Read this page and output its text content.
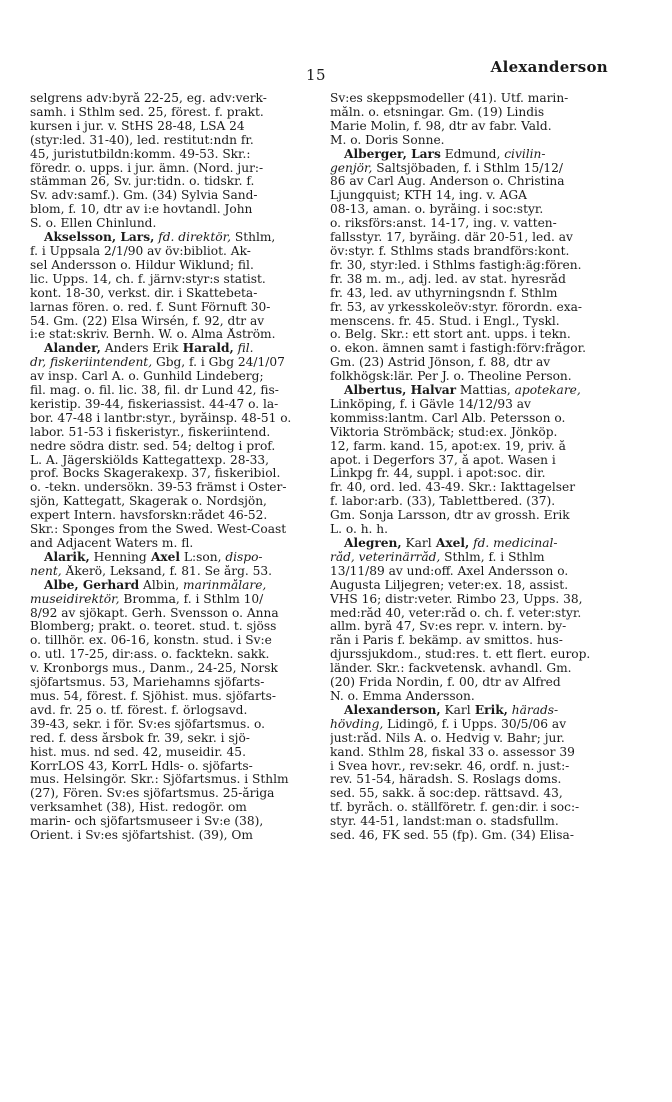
15	Alexanderson
selgrens adv:byrå 22-25, eg. adv:verk-
samh. i Sthlm sed. 25, förest. f. prakt.
kursen i jur. v. StHS 28-48, LSA 24
(styr:led. 31-40), led. restitut:ndn fr.
45, juristutbildn:komm. 49-53. Skr.:
föredr. o. upps. i jur. ämn. (Nord. jur:-
stämman 26, Sv. jur:tidn. o. tidskr. f.
Sv. adv:samf.). Gm. (34) Sylvia Sand-
blom, f. 10, dtr av i:e hovtandl. John
S. o. Ellen Chinlund.
Akselsson, Lars, fd. direktör, Sthlm,
f. i Uppsala 2/1/90 av öv:bibliot. Ak-
sel Andersson o. Hildur Wiklund; fil.
lic. Upps. 14, ch. f. järnv:styr:s statist.
kont. 18-30, verkst. dir. i Skattebeta-
larnas fören. o. red. f. Sunt Förnuft 30-
54. Gm. (22) Elsa Wirsén, f. 92, dtr av
i:e stat:skriv. Bernh. W. o. Alma Åström.
Alander, Anders Erik Harald, fil.
dr, fiskeriintendent, Gbg, f. i Gbg 24/1/07
av insp. Carl A. o. Gunhild Lindeberg;
fil. mag. o. fil. lic. 38, fil. dr Lund 42, fis-
keristip. 39-44, fiskeriassist. 44-47 o. la-
bor. 47-48 i lantbr:styr., byråinsp. 48-51 o.
labor. 51-53 i fiskeristyr., fiskeriintend.
nedre södra distr. sed. 54; deltog i prof.
L. A. Jägerskiölds Kattegattexp. 28-33,
prof. Bocks Skagerakexp. 37, fiskeribiol.
o. -tekn. undersökn. 39-53 främst i Öster-
sjön, Kattegatt, Skagerak o. Nordsjön,
expert Intern. havsforskn:rådet 46-52.
Skr.: Sponges from the Swed. West-Coast
and Adjacent Waters m. fl.
Alarik, Henning Axel L:son, dispo-
nent, Åkerö, Leksand, f. 81. Se årg. 53.
Albe, Gerhard Albin, marinmålare,
museidirektör, Bromma, f. i Sthlm 10/
8/92 av sjökapt. Gerh. Svensson o. Anna
Blomberg; prakt. o. teoret. stud. t. sjöss
o. tillhör. ex. 06-16, konstn. stud. i Sv:e
o. utl. 17-25, dir:ass. o. facktekn. sakk.
v. Kronborgs mus., Danm., 24-25, Norsk
sjöfartsmus. 53, Mariehamns sjöfarts-
mus. 54, förest. f. Sjöhist. mus. sjöfarts-
avd. fr. 25 o. tf. förest. f. örlogsavd.
39-43, sekr. i för. Sv:es sjöfartsmus. o.
red. f. dess årsbok fr. 39, sekr. i sjö-
hist. mus. nd sed. 42, museidir. 45.
KorrLÖS 43, KorrL Hdls- o. sjöfarts-
mus. Helsingör. Skr.: Sjöfartsmus. i Sthlm
(27), Fören. Sv:es sjöfartsmus. 25-åriga
verksamhet (38), Hist. redogör. om
marin- och sjöfartsmuseer i Sv:e (38),
Orient. i Sv:es sjöfartshist. (39), Om
Sv:es skeppsmodeller (41). Utf. marin-
måln. o. etsningar. Gm. (19) Lindis
Marie Molin, f. 98, dtr av fabr. Vald.
M. o. Doris Sonne.
Alberger, Lars Edmund, civilin-
genjör, Saltsjöbaden, f. i Sthlm 15/12/
86 av Carl Aug. Anderson o. Christina
Ljungquist; KTH 14, ing. v. AGA
08-13, aman. o. byråing. i soc:styr.
o. riksförs:anst. 14-17, ing. v. vatten-
fallsstyr. 17, byråing. där 20-51, led. av
öv:styr. f. Sthlms stads brandförs:kont.
fr. 30, styr:led. i Sthlms fastigh:äg:fören.
fr. 38 m. m., adj. led. av stat. hyresråd
fr. 43, led. av uthyrningsndn f. Sthlm
fr. 53, av yrkesskoleöv:styr. förordn. exa-
menscens. fr. 45. Stud. i Engl., Tyskl.
o. Belg. Skr.: ett stort ant. upps. i tekn.
o. ekon. ämnen samt i fastigh:förv:frågor.
Gm. (23) Astrid Jönson, f. 88, dtr av
folkhögsk:lär. Per J. o. Theoline Person.
Albertus, Halvar Mattias, apotekare,
Linköping, f. i Gävle 14/12/93 av
kommiss:lantm. Carl Alb. Petersson o.
Viktoria Strömbäck; stud:ex. Jönköp.
12, farm. kand. 15, apot:ex. 19, priv. å
apot. i Degerfors 37, å apot. Wasen i
Linkpg fr. 44, suppl. i apot:soc. dir.
fr. 40, ord. led. 43-49. Skr.: Iakttagelser
f. labor:arb. (33), Tablettbered. (37).
Gm. Sonja Larsson, dtr av grossh. Erik
L. o. h. h.
Alegren, Karl Axel, fd. medicinal-
råd, veterinärråd, Sthlm, f. i Sthlm
13/11/89 av und:off. Axel Andersson o.
Augusta Liljegren; veter:ex. 18, assist.
VHS 16; distr:veter. Rimbo 23, Upps. 38,
med:råd 40, veter:råd o. ch. f. veter:styr.
allm. byrå 47, Sv:es repr. v. intern. by-
rån i Paris f. bekämp. av smittos. hus-
djurssjukdom., stud:res. t. ett flert. europ.
länder. Skr.: fackvetensk. avhandl. Gm.
(20) Frida Nordin, f. 00, dtr av Alfred
N. o. Emma Andersson.
Alexanderson, Karl Erik, härads-
hövding, Lidingö, f. i Upps. 30/5/06 av
just:råd. Nils A. o. Hedvig v. Bahr; jur.
kand. Sthlm 28, fiskal 33 o. assessor 39
i Svea hovr., rev:sekr. 46, ordf. n. just:-
rev. 51-54, häradsh. S. Roslags doms.
sed. 55, sakk. å soc:dep. rättsavd. 43,
tf. byråch. o. ställföretr. f. gen:dir. i soc:-
styr. 44-51, landst:man o. stadsfullm.
sed. 46, FK sed. 55 (fp). Gm. (34) Elisa-
